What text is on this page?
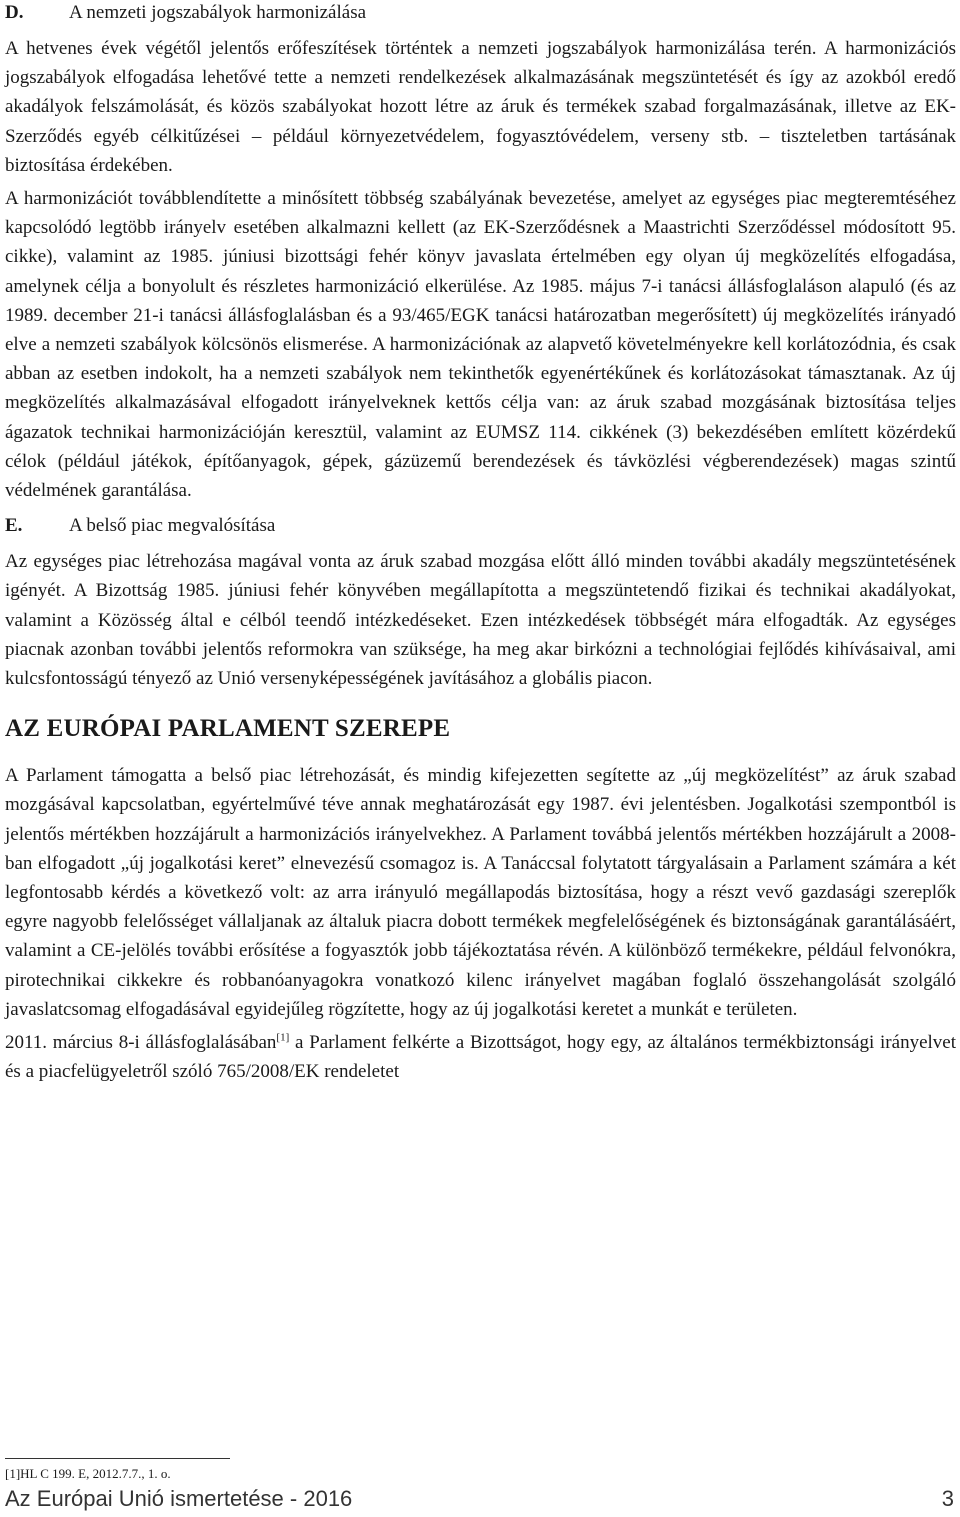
D.	A nemzeti jogszabályok harmonizálása

A hetvenes évek végétől jelentős erőfeszítések történtek a nemzeti jogszabályok harmonizálása terén. A harmonizációs jogszabályok elfogadása lehetővé tette a nemzeti rendelkezések alkalmazásának megszüntetését és így az azokból eredő akadályok felszámolását, és közös szabályokat hozott létre az áruk és termékek szabad forgalmazásának, illetve az EK-Szerződés egyéb célkitűzései – például környezetvédelem, fogyasztóvédelem, verseny stb. – tiszteletben tartásának biztosítása érdekében.

A harmonizációt továbblendítette a minősített többség szabályának bevezetése, amelyet az egységes piac megteremtéséhez kapcsolódó legtöbb irányelv esetében alkalmazni kellett (az EK-Szerződésnek a Maastrichti Szerződéssel módosított 95. cikke), valamint az 1985. júniusi bizottsági fehér könyv javaslata értelmében egy olyan új megközelítés elfogadása, amelynek célja a bonyolult és részletes harmonizáció elkerülése. Az 1985. május 7-i tanácsi állásfoglaláson alapuló (és az 1989. december 21-i tanácsi állásfoglalásban és a 93/465/EGK tanácsi határozatban megerősített) új megközelítés irányadó elve a nemzeti szabályok kölcsönös elismerése. A harmonizációnak az alapvető követelményekre kell korlátozódnia, és csak abban az esetben indokolt, ha a nemzeti szabályok nem tekinthetők egyenértékűnek és korlátozásokat támasztanak. Az új megközelítés alkalmazásával elfogadott irányelveknek kettős célja van: az áruk szabad mozgásának biztosítása teljes ágazatok technikai harmonizációján keresztül, valamint az EUMSZ 114. cikkének (3) bekezdésében említett közérdekű célok (például játékok, építőanyagok, gépek, gázüzemű berendezések és távközlési végberendezések) magas szintű védelmének garantálása.

E.	A belső piac megvalósítása

Az egységes piac létrehozása magával vonta az áruk szabad mozgása előtt álló minden további akadály megszüntetésének igényét. A Bizottság 1985. júniusi fehér könyvében megállapította a megszüntetendő fizikai és technikai akadályokat, valamint a Közösség által e célból teendő intézkedéseket. Ezen intézkedések többségét mára elfogadták. Az egységes piacnak azonban további jelentős reformokra van szüksége, ha meg akar birkózni a technológiai fejlődés kihívásaival, ami kulcsfontosságú tényező az Unió versenyképességének javításához a globális piacon.

AZ EURÓPAI PARLAMENT SZEREPE

A Parlament támogatta a belső piac létrehozását, és mindig kifejezetten segítette az „új megközelítést” az áruk szabad mozgásával kapcsolatban, egyértelművé téve annak meghatározását egy 1987. évi jelentésben. Jogalkotási szempontból is jelentős mértékben hozzájárult a harmonizációs irányelvekhez. A Parlament továbbá jelentős mértékben hozzájárult a 2008-ban elfogadott „új jogalkotási keret” elnevezésű csomagoz is. A Tanáccsal folytatott tárgyalásain a Parlament számára a két legfontosabb kérdés a következő volt: az arra irányuló megállapodás biztosítása, hogy a részt vevő gazdasági szereplők egyre nagyobb felelősséget vállaljanak az általuk piacra dobott termékek megfelelőségének és biztonságának garantálásáért, valamint a CE-jelölés további erősítése a fogyasztók jobb tájékoztatása révén. A különböző termékekre, például felvonókra, pirotechnikai cikkekre és robbanóanyagokra vonatkozó kilenc irányelvet magában foglaló összehangolását szolgáló javaslatcsomag elfogadásával egyidejűleg rögzítette, hogy az új jogalkotási keretet a munkát e területen.

2011. március 8-i állásfoglalásában[1] a Parlament felkérte a Bizottságot, hogy egy, az általános termékbiztonsági irányelvet és a piacfelügyeletről szóló 765/2008/EK rendeletet

[1]HL C 199. E, 2012.7.7., 1. o.
Az Európai Unió ismertetése - 2016	3
